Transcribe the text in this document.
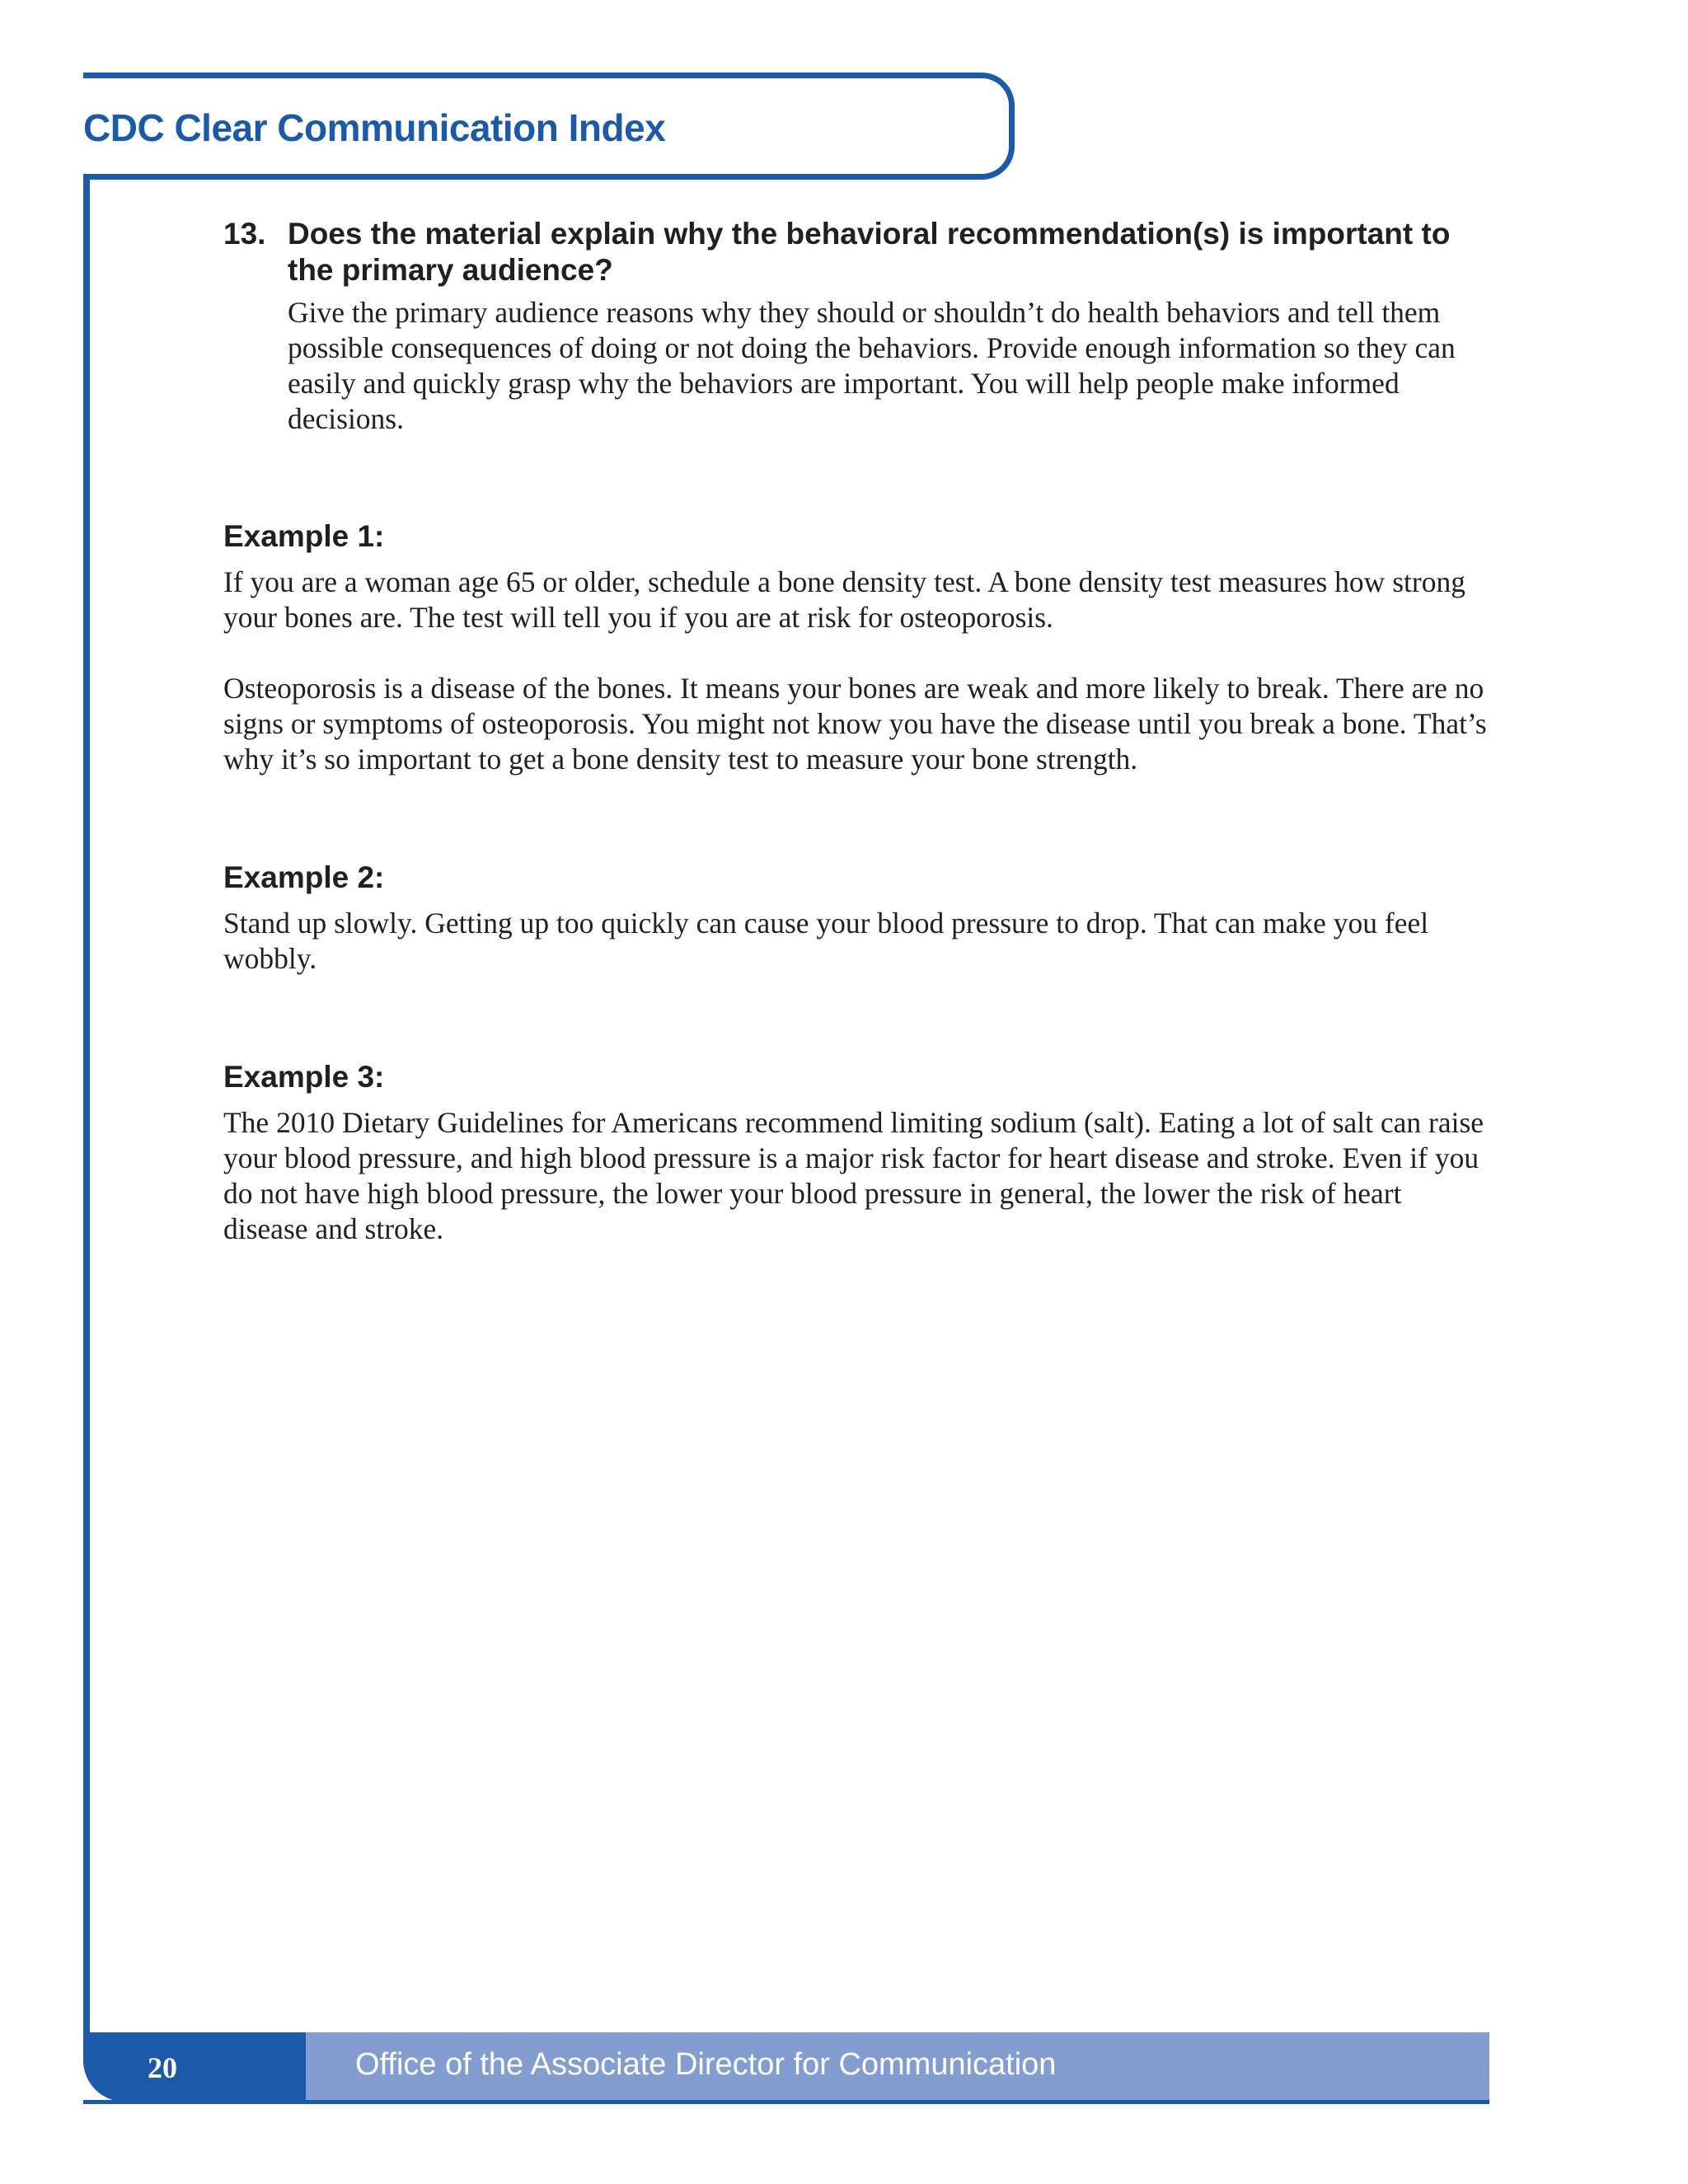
CDC Clear Communication Index
13. Does the material explain why the behavioral recommendation(s) is important to the primary audience?
Give the primary audience reasons why they should or shouldn’t do health behaviors and tell them possible consequences of doing or not doing the behaviors. Provide enough information so they can easily and quickly grasp why the behaviors are important. You will help people make informed decisions.
Example 1:

If you are a woman age 65 or older, schedule a bone density test. A bone density test measures how strong your bones are. The test will tell you if you are at risk for osteoporosis.

Osteoporosis is a disease of the bones. It means your bones are weak and more likely to break. There are no signs or symptoms of osteoporosis. You might not know you have the disease until you break a bone. That’s why it’s so important to get a bone density test to measure your bone strength.

Example 2:

Stand up slowly. Getting up too quickly can cause your blood pressure to drop. That can make you feel wobbly.

Example 3:

The 2010 Dietary Guidelines for Americans recommend limiting sodium (salt). Eating a lot of salt can raise your blood pressure, and high blood pressure is a major risk factor for heart disease and stroke. Even if you do not have high blood pressure, the lower your blood pressure in general, the lower the risk of heart disease and stroke.

20	Office of the Associate Director for Communication
